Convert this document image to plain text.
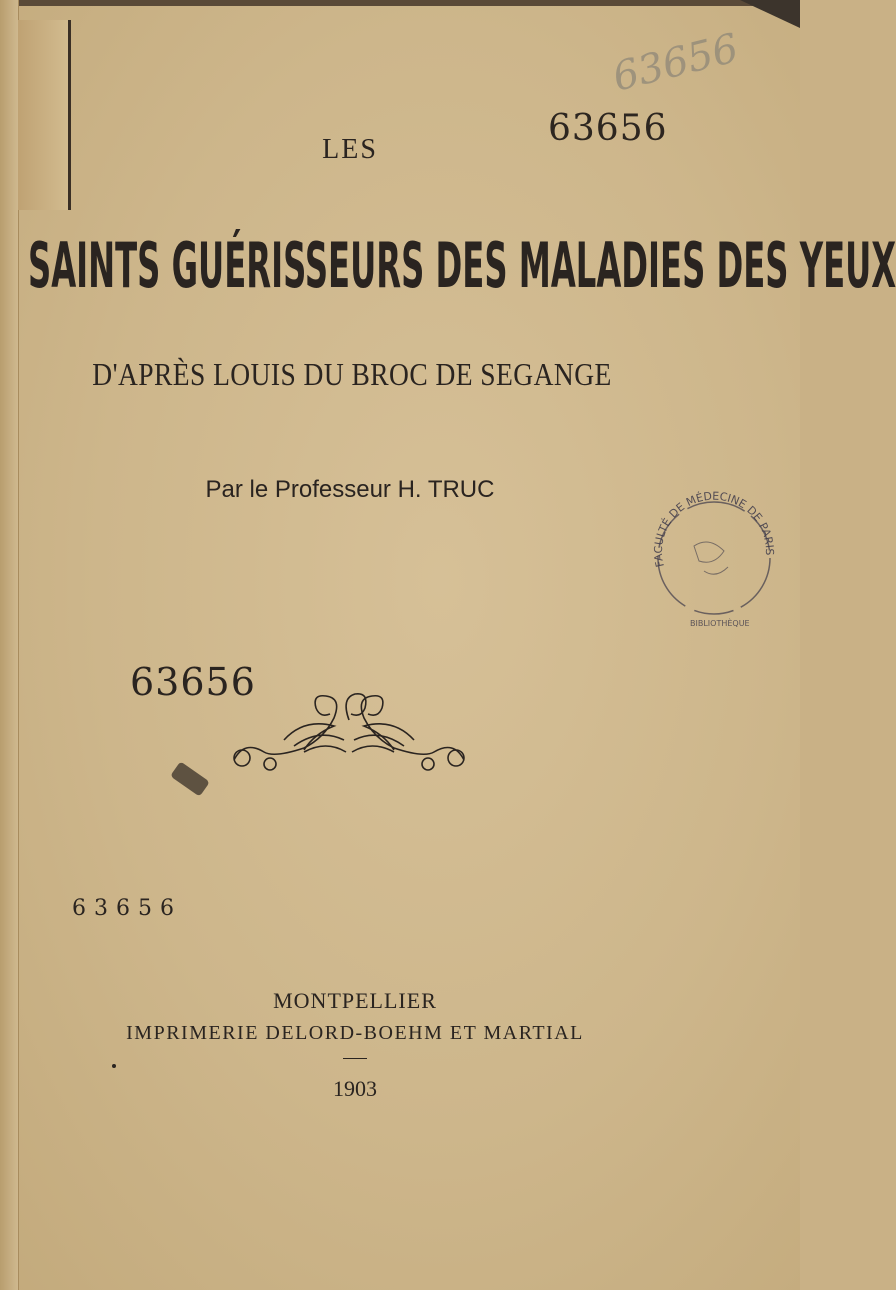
63656
LES
63656
SAINTS GUÉRISSEURS DES MALADIES DES YEUX
D'APRÈS LOUIS DU BROC DE SEGANGE
Par le Professeur H. TRUC
FACULTÉ DE MÉDECINE DE PARIS
BIBLIOTHÈQUE
63656
63656
MONTPELLIER
IMPRIMERIE DELORD-BOEHM ET MARTIAL
1903
